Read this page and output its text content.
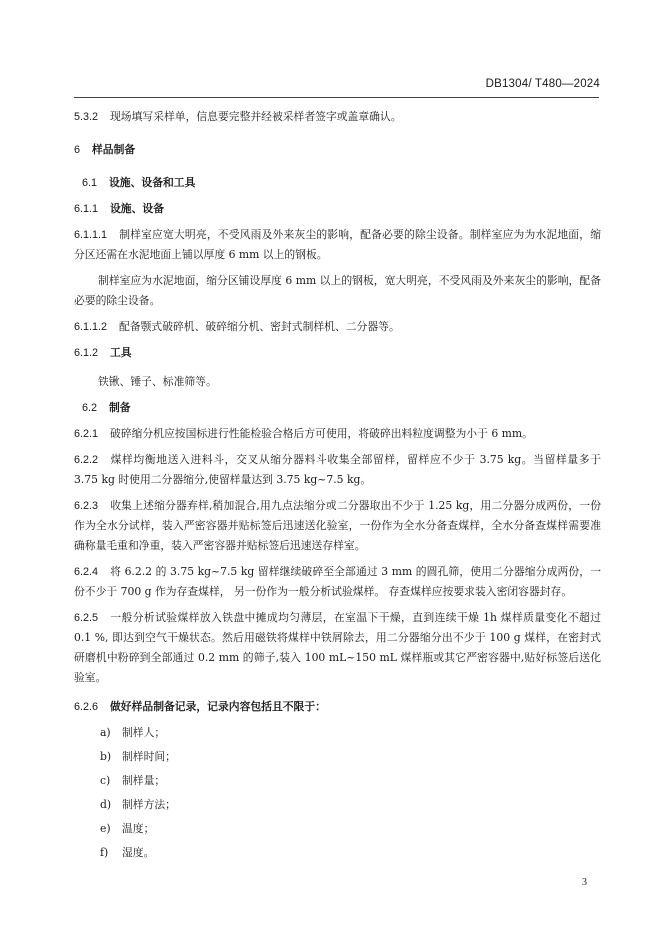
DB1304/ T480—2024

5.3.2 现场填写采样单，信息要完整并经被采样者签字或盖章确认。

6 样品制备

6.1 设施、设备和工具

6.1.1 设施、设备

6.1.1.1 制样室应宽大明亮，不受风雨及外来灰尘的影响，配备必要的除尘设备。制样室应为为水泥地面，缩分区还需在水泥地面上铺以厚度 6 mm 以上的钢板。

制样室应为水泥地面，缩分区铺设厚度 6 mm 以上的钢板，宽大明亮，不受风雨及外来灰尘的影响，配备必要的除尘设备。

6.1.1.2 配备颚式破碎机、破碎缩分机、密封式制样机、二分器等。

6.1.2 工具

铁锹、锤子、标准筛等。

6.2 制备

6.2.1 破碎缩分机应按国标进行性能检验合格后方可使用，将破碎出料粒度调整为小于 6 mm。

6.2.2 煤样均衡地送入进料斗，交叉从缩分器料斗收集全部留样，留样应不少于 3.75 kg。当留样量多于 3.75 kg 时使用二分器缩分,使留样量达到 3.75 kg~7.5 kg。

6.2.3 收集上述缩分器弃样,稍加混合,用九点法缩分或二分器取出不少于 1.25 kg，用二分器分成两份，一份作为全水分试样，装入严密容器并贴标签后迅速送化验室，一份作为全水分备查煤样，全水分备查煤样需要准确称量毛重和净重，装入严密容器并贴标签后迅速送存样室。

6.2.4 将 6.2.2 的 3.75 kg~7.5 kg 留样继续破碎至全部通过 3 mm 的圆孔筛，使用二分器缩分成两份，一份不少于 700 g 作为存查煤样， 另一份作为一般分析试验煤样。 存查煤样应按要求装入密闭容器封存。

6.2.5 一般分析试验煤样放入铁盘中摊成均匀薄层，在室温下干燥，直到连续干燥 1h 煤样质量变化不超过 0.1 %, 即达到空气干燥状态。然后用磁铁将煤样中铁屑除去，用二分器缩分出不少于 100 g 煤样，在密封式研磨机中粉碎到全部通过 0.2 mm 的筛子,装入 100 mL~150 mL 煤样瓶或其它严密容器中,贴好标签后送化验室。

6.2.6 做好样品制备记录，记录内容包括且不限于：

a) 制样人；
b) 制样时间；
c) 制样量；
d) 制样方法；
e) 温度；
f) 湿度。
3
